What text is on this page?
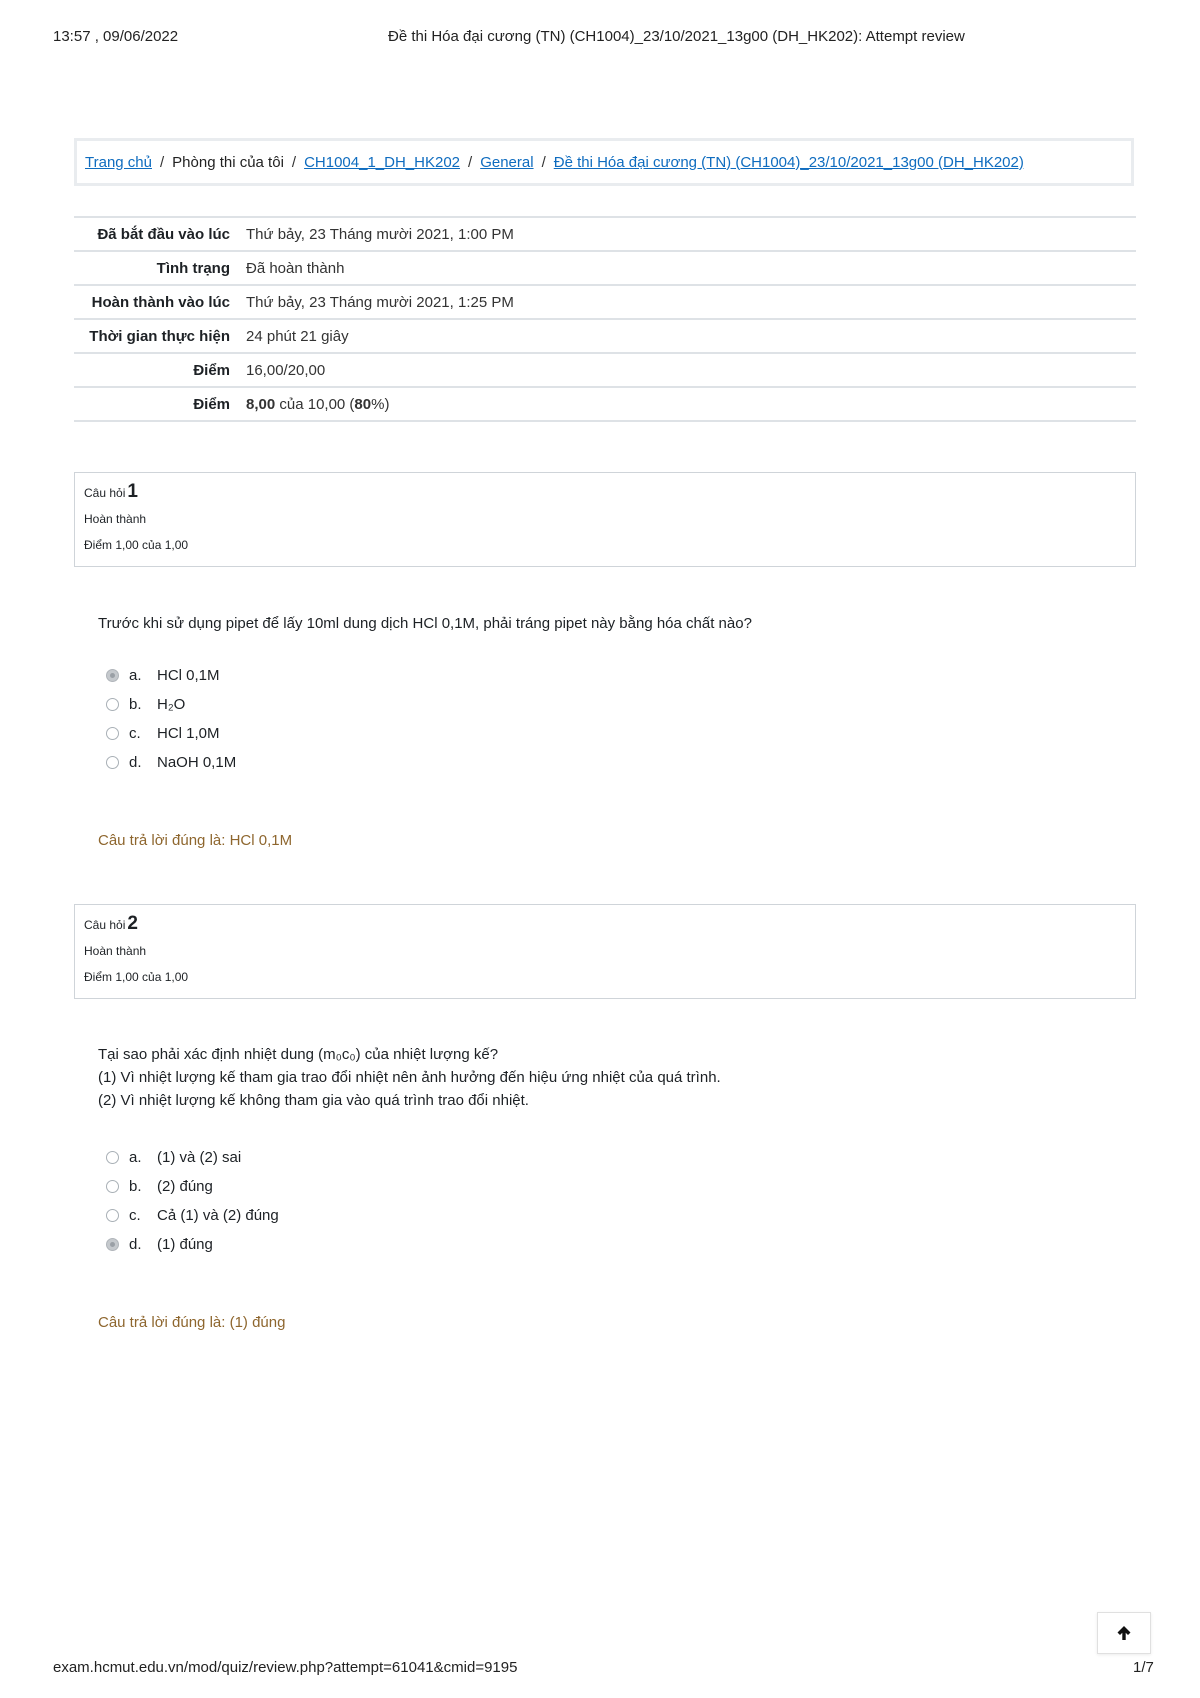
13:57 , 09/06/2022	Đề thi Hóa đại cương (TN) (CH1004)_23/10/2021_13g00 (DH_HK202): Attempt review
Trang chủ / Phòng thi của tôi / CH1004_1_DH_HK202 / General / Đề thi Hóa đại cương (TN) (CH1004)_23/10/2021_13g00 (DH_HK202)
Đã bắt đầu vào lúc	Thứ bảy, 23 Tháng mười 2021, 1:00 PM
Tình trạng	Đã hoàn thành
Hoàn thành vào lúc	Thứ bảy, 23 Tháng mười 2021, 1:25 PM
Thời gian thực hiện	24 phút 21 giây
Điểm	16,00/20,00
Điểm	8,00 của 10,00 (80%)
Câu hỏi 1
Hoàn thành
Điểm 1,00 của 1,00
Trước khi sử dụng pipet để lấy 10ml dung dịch HCl 0,1M, phải tráng pipet này bằng hóa chất nào?
a.	HCl 0,1M
b.	H₂O
c.	HCl 1,0M
d.	NaOH 0,1M
Câu trả lời đúng là: HCl 0,1M
Câu hỏi 2
Hoàn thành
Điểm 1,00 của 1,00
Tại sao phải xác định nhiệt dung (m₀c₀) của nhiệt lượng kế?
(1) Vì nhiệt lượng kế tham gia trao đổi nhiệt nên ảnh hưởng đến hiệu ứng nhiệt của quá trình.
(2) Vì nhiệt lượng kế không tham gia vào quá trình trao đổi nhiệt.
a.	(1) và (2) sai
b.	(2) đúng
c.	Cả (1) và (2) đúng
d.	(1) đúng
Câu trả lời đúng là: (1) đúng
exam.hcmut.edu.vn/mod/quiz/review.php?attempt=61041&cmid=9195	1/7
